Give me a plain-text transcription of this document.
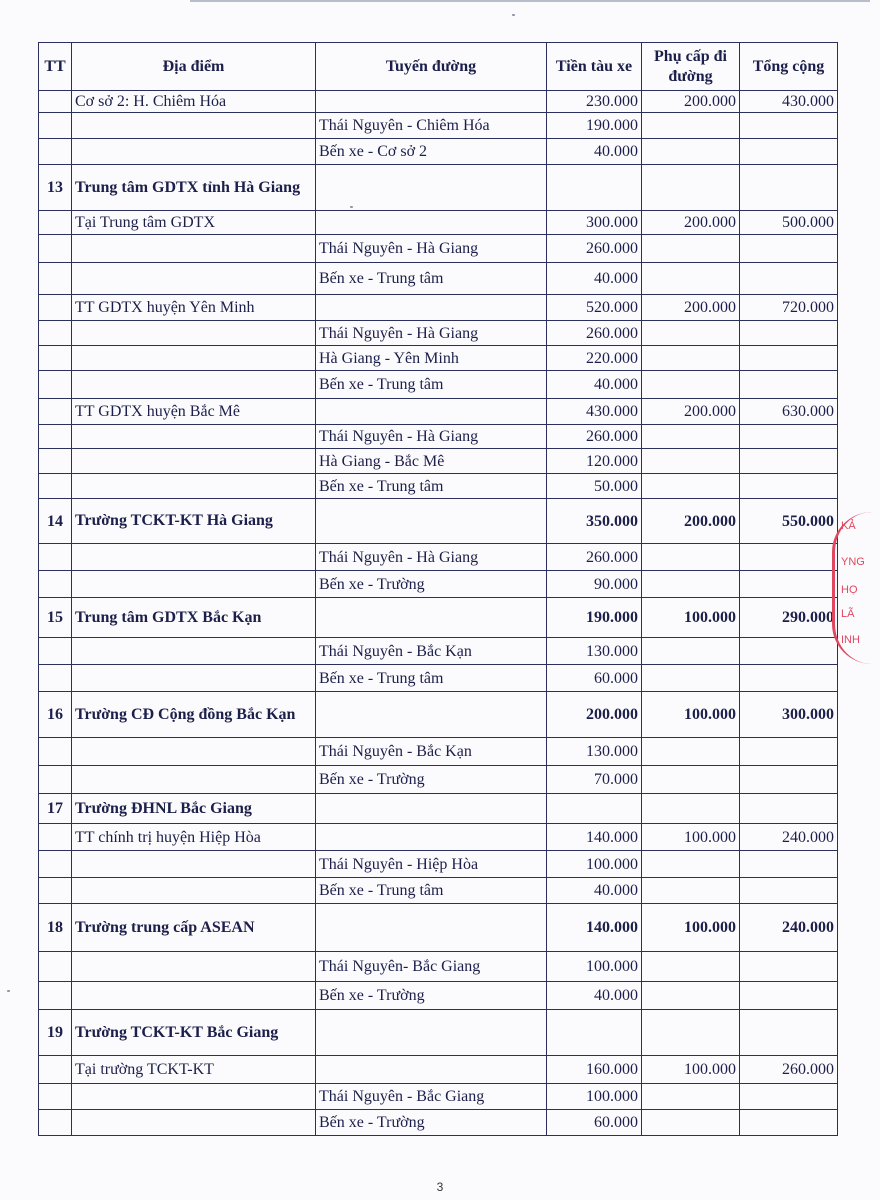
TT	Địa điểm	Tuyến đường	Tiền tàu xe	Phụ cấp đi đường	Tổng cộng
	Cơ sở 2: H. Chiêm Hóa		230.000	200.000	430.000
		Thái Nguyên - Chiêm Hóa	190.000		
		Bến xe - Cơ sở 2	40.000		
13	Trung tâm GDTX tỉnh Hà Giang				
	Tại Trung tâm GDTX		300.000	200.000	500.000
		Thái Nguyên - Hà Giang	260.000		
		Bến xe - Trung tâm	40.000		
	TT GDTX huyện Yên Minh		520.000	200.000	720.000
		Thái Nguyên - Hà Giang	260.000		
		Hà Giang - Yên Minh	220.000		
		Bến xe - Trung tâm	40.000		
	TT GDTX huyện Bắc Mê		430.000	200.000	630.000
		Thái Nguyên - Hà Giang	260.000		
		Hà Giang - Bắc Mê	120.000		
		Bến xe - Trung tâm	50.000		
14	Trường TCKT-KT Hà Giang		350.000	200.000	550.000
		Thái Nguyên - Hà Giang	260.000		
		Bến xe - Trường	90.000		
15	Trung tâm GDTX Bắc Kạn		190.000	100.000	290.000
		Thái Nguyên - Bắc Kạn	130.000		
		Bến xe - Trung tâm	60.000		
16	Trường CĐ Cộng đồng Bắc Kạn		200.000	100.000	300.000
		Thái Nguyên - Bắc Kạn	130.000		
		Bến xe - Trường	70.000		
17	Trường ĐHNL Bắc Giang				
	TT chính trị huyện Hiệp Hòa		140.000	100.000	240.000
		Thái Nguyên - Hiệp Hòa	100.000		
		Bến xe - Trung tâm	40.000		
18	Trường trung cấp ASEAN		140.000	100.000	240.000
		Thái Nguyên- Bắc Giang	100.000		
		Bến xe - Trường	40.000		
19	Trường TCKT-KT Bắc Giang				
	Tại trường TCKT-KT		160.000	100.000	260.000
		Thái Nguyên - Bắc Giang	100.000		
		Bến xe - Trường	60.000		
KẢ
YNG
HỌ
LÃ
INH
3
